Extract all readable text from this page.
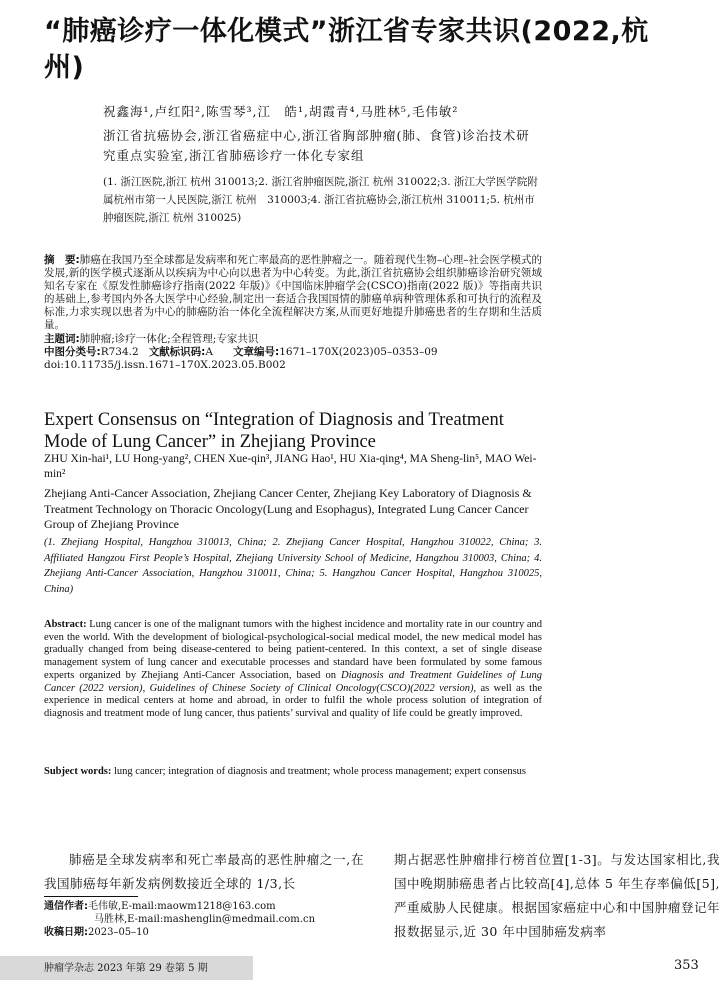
“肺癌诊疗一体化模式”浙江省专家共识(2022,杭州)
祝鑫海¹,卢红阳²,陈雪琴³,江　皓¹,胡霞青⁴,马胜林⁵,毛伟敏²
浙江省抗癌协会,浙江省癌症中心,浙江省胸部肿瘤(肺、食管)诊治技术研究重点实验室,浙江省肺癌诊疗一体化专家组
(1. 浙江医院,浙江 杭州 310013;2. 浙江省肿瘤医院,浙江 杭州 310022;3. 浙江大学医学院附属杭州市第一人民医院,浙江 杭州　310003;4. 浙江省抗癌协会,浙江杭州 310011;5. 杭州市肿瘤医院,浙江 杭州 310025)
摘　要:肺癌在我国乃至全球都是发病率和死亡率最高的恶性肿瘤之一。随着现代生物–心理–社会医学模式的发展,新的医学模式逐渐从以疾病为中心向以患者为中心转变。为此,浙江省抗癌协会组织肺癌诊治研究领域知名专家在《原发性肺癌诊疗指南(2022 年版)》《中国临床肿瘤学会(CSCO)指南(2022 版)》等指南共识的基础上,参考国内外各大医学中心经验,制定出一套适合我国国情的肺癌单病种管理体系和可执行的流程及标准,力求实现以患者为中心的肺癌防治一体化全流程解决方案,从而更好地提升肺癌患者的生存期和生活质量。
主题词:肺肿瘤;诊疗一体化;全程管理;专家共识
中图分类号:R734.2 文献标识码:A 文章编号:1671–170X(2023)05–0353–09
doi:10.11735/j.issn.1671–170X.2023.05.B002
Expert Consensus on “Integration of Diagnosis and Treatment Mode of Lung Cancer” in Zhejiang Province
ZHU Xin-hai¹, LU Hong-yang², CHEN Xue-qin³, JIANG Hao¹, HU Xia-qing⁴, MA Sheng-lin⁵, MAO Wei-min²
Zhejiang Anti-Cancer Association, Zhejiang Cancer Center, Zhejiang Key Laboratory of Diagnosis & Treatment Technology on Thoracic Oncology(Lung and Esophagus), Integrated Lung Cancer Cancer Group of Zhejiang Province
(1. Zhejiang Hospital, Hangzhou 310013, China; 2. Zhejiang Cancer Hospital, Hangzhou 310022, China; 3. Affiliated Hangzou First People’s Hospital, Zhejiang University School of Medicine, Hangzhou 310003, China; 4. Zhejiang Anti-Cancer Association, Hangzhou 310011, China; 5. Hangzhou Cancer Hospital, Hangzhou 310025, China)
Abstract: Lung cancer is one of the malignant tumors with the highest incidence and mortality rate in our country and even the world. With the development of biological-psychological-social medical model, the new medical model has gradually changed from being disease-centered to being patient-centered. In this context, a set of single disease management system of lung cancer and executable processes and standard have been formulated by some famous experts organized by Zhejiang Anti-Cancer Association, based on Diagnosis and Treatment Guidelines of Lung Cancer (2022 version), Guidelines of Chinese Society of Clinical Oncology(CSCO)(2022 version), as well as the experience in medical centers at home and abroad, in order to fulfil the whole process solution of integration of diagnosis and treatment mode of lung cancer, thus patients’ survival and quality of life could be greatly improved.
Subject words: lung cancer; integration of diagnosis and treatment; whole process management; expert consensus
肺癌是全球发病率和死亡率最高的恶性肿瘤之一,在我国肺癌每年新发病例数接近全球的 1/3,长
期占据恶性肿瘤排行榜首位置[1-3]。与发达国家相比,我国中晚期肺癌患者占比较高[4],总体 5 年生存率偏低[5],严重威胁人民健康。根据国家癌症中心和中国肿瘤登记年报数据显示,近 30 年中国肺癌发病率
通信作者:毛伟敏,E-mail:maowm1218@163.com
马胜林,E-mail:mashenglin@medmail.com.cn
收稿日期:2023–05–10
肿瘤学杂志 2023 年第 29 卷第 5 期	353
